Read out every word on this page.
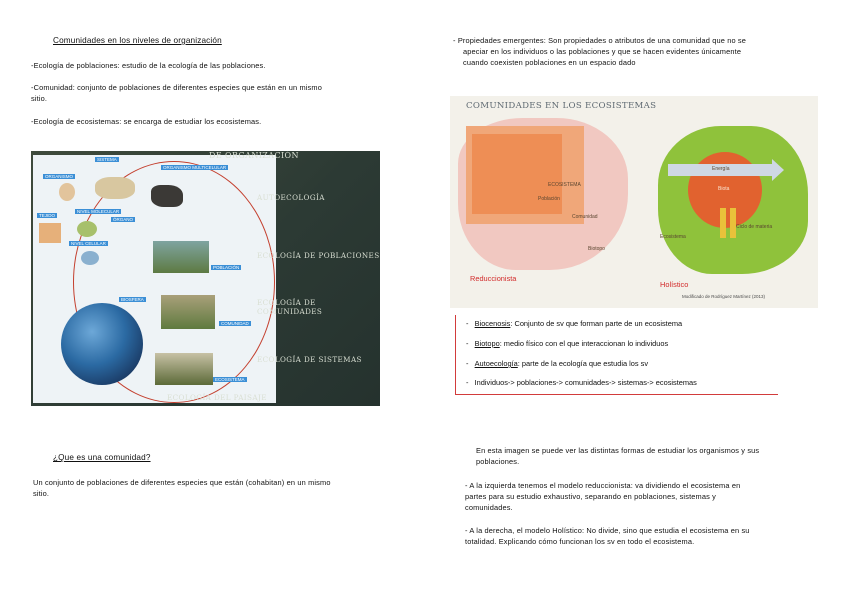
Comunidades en los niveles de organización
-Ecología de poblaciones: estudio de la ecología de las poblaciones.
-Comunidad: conjunto de poblaciones de diferentes especies que están en un mismo
sitio.
-Ecología de ecosistemas: se encarga de estudiar los ecosistemas.
SISTEMA
ORGANISMO MULTICELULAR
ORGANISMO
TEJIDO
NIVEL MOLECULAR
ÓRGANO
NIVEL CELULAR
POBLACIÓN
BIOSFERA
COMUNIDAD
ECOSISTEMA
DE ORGANIZACIÓN
AUTOECOLOGÍA
ECOLOGÍA DE POBLACIONES
ECOLOGÍA DE COMUNIDADES
ECOLOGÍA DE SISTEMAS
ECOLOGÍA DEL PAISAJE
¿Que es una comunidad?
Un conjunto de poblaciones de diferentes especies que están (cohabitan) en un mismo
sitio.
- Propiedades emergentes: Son propiedades o atributos de una comunidad que no se
apeciar en los individuos o las poblaciones y que se hacen evidentes únicamente
cuando coexisten poblaciones en un espacio dado
COMUNIDADES EN LOS ECOSISTEMAS
ECOSISTEMA
Población
Comunidad
Biotopo
Energía
Biota
Ecosistema
Ciclo de materia
Reduccionista
Holístico
Modificado de Rodríguez Martínez (2013)
-   Biocenosis: Conjunto de sv que forman parte de un ecosistema
-   Biotopo: medio físico con el que interaccionan lo individuos
-   Autoecología: parte de la ecología que estudia los sv
-   Individuos-> poblaciones-> comunidades-> sistemas-> ecosistemas
En esta imagen se puede ver las distintas formas de estudiar los organismos y sus
poblaciones.
- A la izquierda tenemos el modelo reduccionista: va dividiendo el ecosistema en
partes para su estudio exhaustivo, separando en poblaciones, sistemas y
comunidades.
- A la derecha, el modelo Holístico: No divide, sino que estudia el ecosistema en su
totalidad. Explicando cómo funcionan los sv en todo el ecosistema.
